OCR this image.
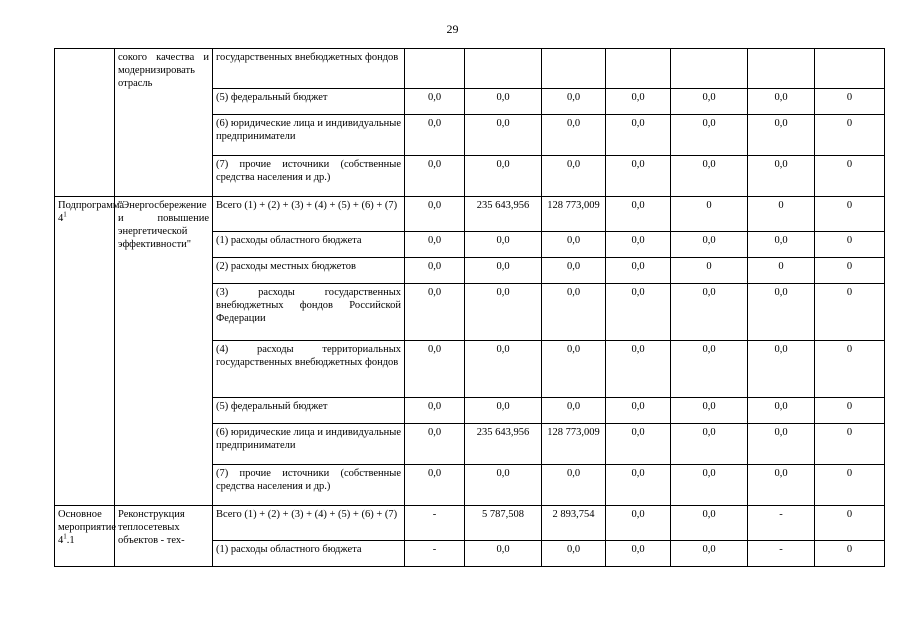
29
	сокого качества и модернизировать отрасль	государственных внебюджетных фондов							
		(5) федеральный бюджет	0,0	0,0	0,0	0,0	0,0	0,0	0
		(6) юридические лица и индивидуальные предприниматели	0,0	0,0	0,0	0,0	0,0	0,0	0
		(7) прочие источники (собственные средства населения и др.)	0,0	0,0	0,0	0,0	0,0	0,0	0
Подпрограмма $4^1$	"Энергосбережение и повышение энергетической эффективности"	Всего (1) + (2) + (3) + (4) + (5) + (6) + (7)	0,0	235 643,956	128 773,009	0,0	0	0	0
		(1) расходы областного бюджета	0,0	0,0	0,0	0,0	0,0	0,0	0
		(2) расходы местных бюджетов	0,0	0,0	0,0	0,0	0	0	0
		(3) расходы государственных внебюджетных фондов Российской Федерации	0,0	0,0	0,0	0,0	0,0	0,0	0
		(4) расходы территориальных государственных внебюджетных фондов	0,0	0,0	0,0	0,0	0,0	0,0	0
		(5) федеральный бюджет	0,0	0,0	0,0	0,0	0,0	0,0	0
		(6) юридические лица и индивидуальные предприниматели	0,0	235 643,956	128 773,009	0,0	0,0	0,0	0
		(7) прочие источники (собственные средства населения и др.)	0,0	0,0	0,0	0,0	0,0	0,0	0
Основное мероприятие $4^1.1$	Реконструкция теплосетевых объектов - тех-	Всего (1) + (2) + (3) + (4) + (5) + (6) + (7)	-	5 787,508	2 893,754	0,0	0,0	-	0
		(1) расходы областного бюджета	-	0,0	0,0	0,0	0,0	-	0
